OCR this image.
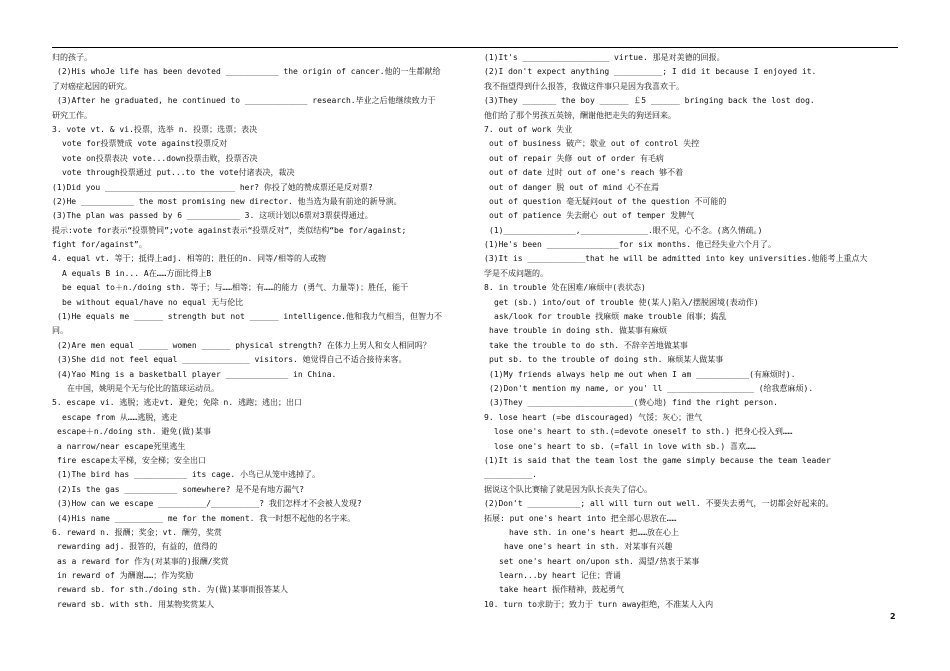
归的孩子。
(2)His whoJe life has been devoted ___________ the origin of cancer.他的一生都献给
了对癌症起因的研究。
(3)After he graduated, he continued to _____________ research.毕业之后他继续致力于
研究工作。
3. vote vt. & vi.投票，选举 n. 投票；选票；表决
vote for投票赞成 vote against投票反对
vote on投票表决 vote...down投票击败，投票否决
vote through投票通过 put...to the vote付诸表决，裁决
(1)Did you ___________________________ her? 你投了她的赞成票还是反对票?
(2)He ___________ the most promising new director. 他当选为最有前途的新导演。
(3)The plan was passed by 6 ___________ 3. 这项计划以6票对3票获得通过。
提示:vote for表示“投票赞同”;vote against表示“投票反对”，类似结构“be for/against;
fight for/against”。
4. equal vt. 等于；抵得上adj. 相等的；胜任的n. 同等/相等的人或物
A equals B in... A在……方面比得上B
be equal to＋n./doing sth. 等于；与……相等；有……的能力 (勇气、力量等)；胜任，能干
be without equal/have no equal 无与伦比
(1)He equals me ______ strength but not ______ intelligence.他和我力气相当，但智力不
同。
(2)Are men equal ______ women ______ physical strength? 在体力上男人和女人相同吗？
(3)She did not feel equal ______________ visitors. 她觉得自己不适合接待来客。
(4)Yao Ming is a basketball player _____________ in China.
在中国，姚明是个无与伦比的篮球运动员。
5. escape vi. 逃脱；逃走vt. 避免；免除 n. 逃跑；逃出；出口
escape from 从……逃脱，逃走
escape＋n./doing sth. 避免(做)某事
a narrow/near escape死里逃生
fire escape太平梯，安全梯；安全出口
(1)The bird has ___________ its cage. 小鸟已从笼中逃掉了。
(2)Is the gas ___________ somewhere? 是不是有地方漏气?
(3)How can we escape __________/__________? 我们怎样才不会被人发现?
(4)His name __________ me for the moment. 我一时想不起他的名字来。
6. reward n. 报酬；奖金；vt. 酬劳，奖赏
rewarding adj. 报答的，有益的，值得的
as a reward for 作为(对某事的)报酬/奖赏
in reward of 为酬谢……；作为奖励
reward sb. for sth./doing sth. 为(做)某事而报答某人
reward sb. with sth. 用某物奖赏某人
(1)It's __________________ virtue. 那是对美德的回报。
(2)I don't expect anything __________; I did it because I enjoyed it.
我不指望得到什么报答，我做这件事只是因为我喜欢干。
(3)They _______ the boy ______ ￡5 ______ bringing back the lost dog.
他们给了那个男孩五英镑，酬谢他把走失的狗送回来。
7. out of work 失业
out of business 破产；歇业 out of control 失控
out of repair 失修 out of order 有毛病
out of date 过时 out of one's reach 够不着
out of danger 脱 out of mind 心不在焉
out of question 毫无疑问out of the question 不可能的
out of patience 失去耐心 out of temper 发脾气
(1)_______________,______________.眼不见，心不念。(离久情疏。)
(1)He's been _______________for six months. 他已经失业六个月了。
(3)It is ____________that he will be admitted into key universities.他能考上重点大
学是不成问题的。
8. in trouble 处在困难/麻烦中(表状态)
get (sb.) into/out of trouble 使(某人)陷入/摆脱困境(表动作)
ask/look for trouble 找麻烦 make trouble 闹事；捣乱
have trouble in doing sth. 做某事有麻烦
take the trouble to do sth. 不辞辛苦地做某事
put sb. to the trouble of doing sth. 麻烦某人做某事
(1)My friends always help me out when I am ___________(有麻烦时).
(2)Don't mention my name, or you' ll __________________ (给我惹麻烦).
(3)They ______________________(费心地) find the right person.
9. lose heart (=be discouraged) 气馁；灰心；泄气
lose one's heart to sth.(=devote oneself to sth.) 把身心投入到……
lose one's heart to sb. (=fall in love with sb.) 喜欢……
(1)It is said that the team lost the game simply because the team leader
__________.
据说这个队比赛输了就是因为队长丧失了信心。
(2)Don't ___________; all will turn out well. 不要失去勇气，一切都会好起来的。
拓展: put one's heart into 把全部心思放在……
have sth. in one's heart 把……放在心上
have one's heart in sth. 对某事有兴趣
set one's heart on/upon sth. 渴望/热衷于某事
learn...by heart 记住；背诵
take heart 振作精神，鼓起勇气
10. turn to求助于；致力于 turn away拒绝，不准某人入内
2
